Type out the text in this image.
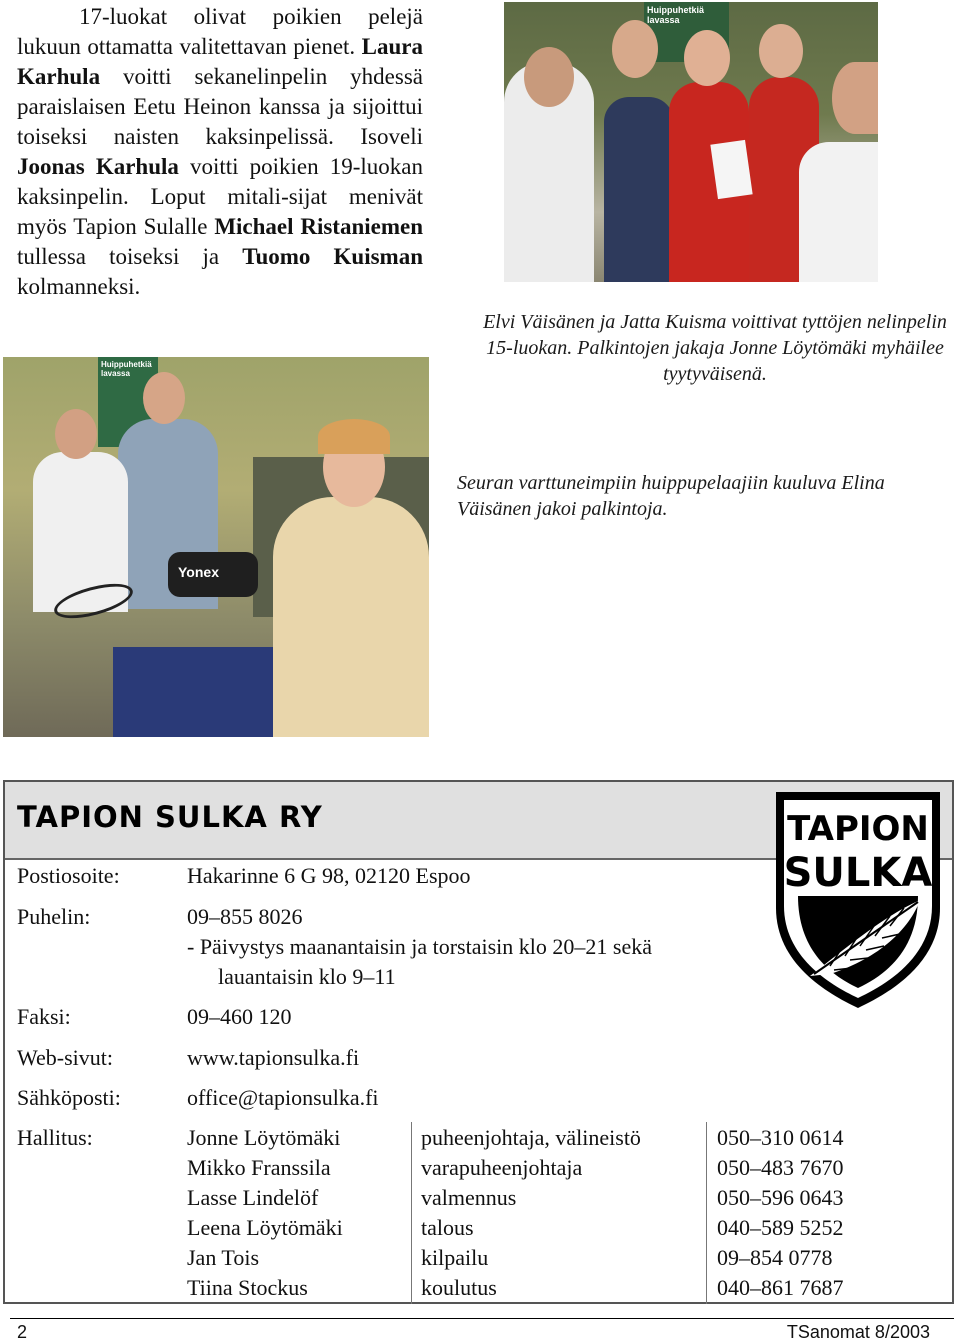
17-luokat olivat poikien pelejä lukuun ottamatta valitettavan pienet. Laura Karhula voitti sekanelinpelin yhdessä paraislaisen Eetu Heinon kanssa ja sijoittui toiseksi naisten kaksinpelissä. Isoveli Joonas Karhula voitti poikien 19-luokan kaksinpelin. Loput mitali-sijat menivät myös Tapion Sulalle Michael Ristaniemen tullessa toiseksi ja Tuomo Kuisman kolmanneksi.

Huippuhetkiä lavassa
Elvi Väisänen ja Jatta Kuisma voittivat tyttöjen nelinpelin 15-luokan. Palkintojen jakaja Jonne Löytömäki myhäilee tyytyväisenä.
Huippuhetkiä lavassa
Yonex
Seuran varttuneimpiin huippupelaajiin kuuluva Elina Väisänen jakoi palkintoja.
TAPION SULKA RY	TAPION
SULKA
Postiosoite:	Hakarinne 6 G 98, 02120 Espoo
Puhelin:	09–855 8026
- Päivystys maanantaisin ja torstaisin klo 20–21 sekä
lauantaisin klo 9–11
Faksi:	09–460 120
Web-sivut:	www.tapionsulka.fi
Sähköposti:	office@tapionsulka.fi
Hallitus:	Jonne Löytömäki	puheenjohtaja, välineistö	050–310 0614
Mikko Franssila	varapuheenjohtaja	050–483 7670
Lasse Lindelöf	valmennus	050–596 0643
Leena Löytömäki	talous	040–589 5252
Jan Tois	kilpailu	09–854 0778
Tiina Stockus	koulutus	040–861 7687
2	TSanomat 8/2003
